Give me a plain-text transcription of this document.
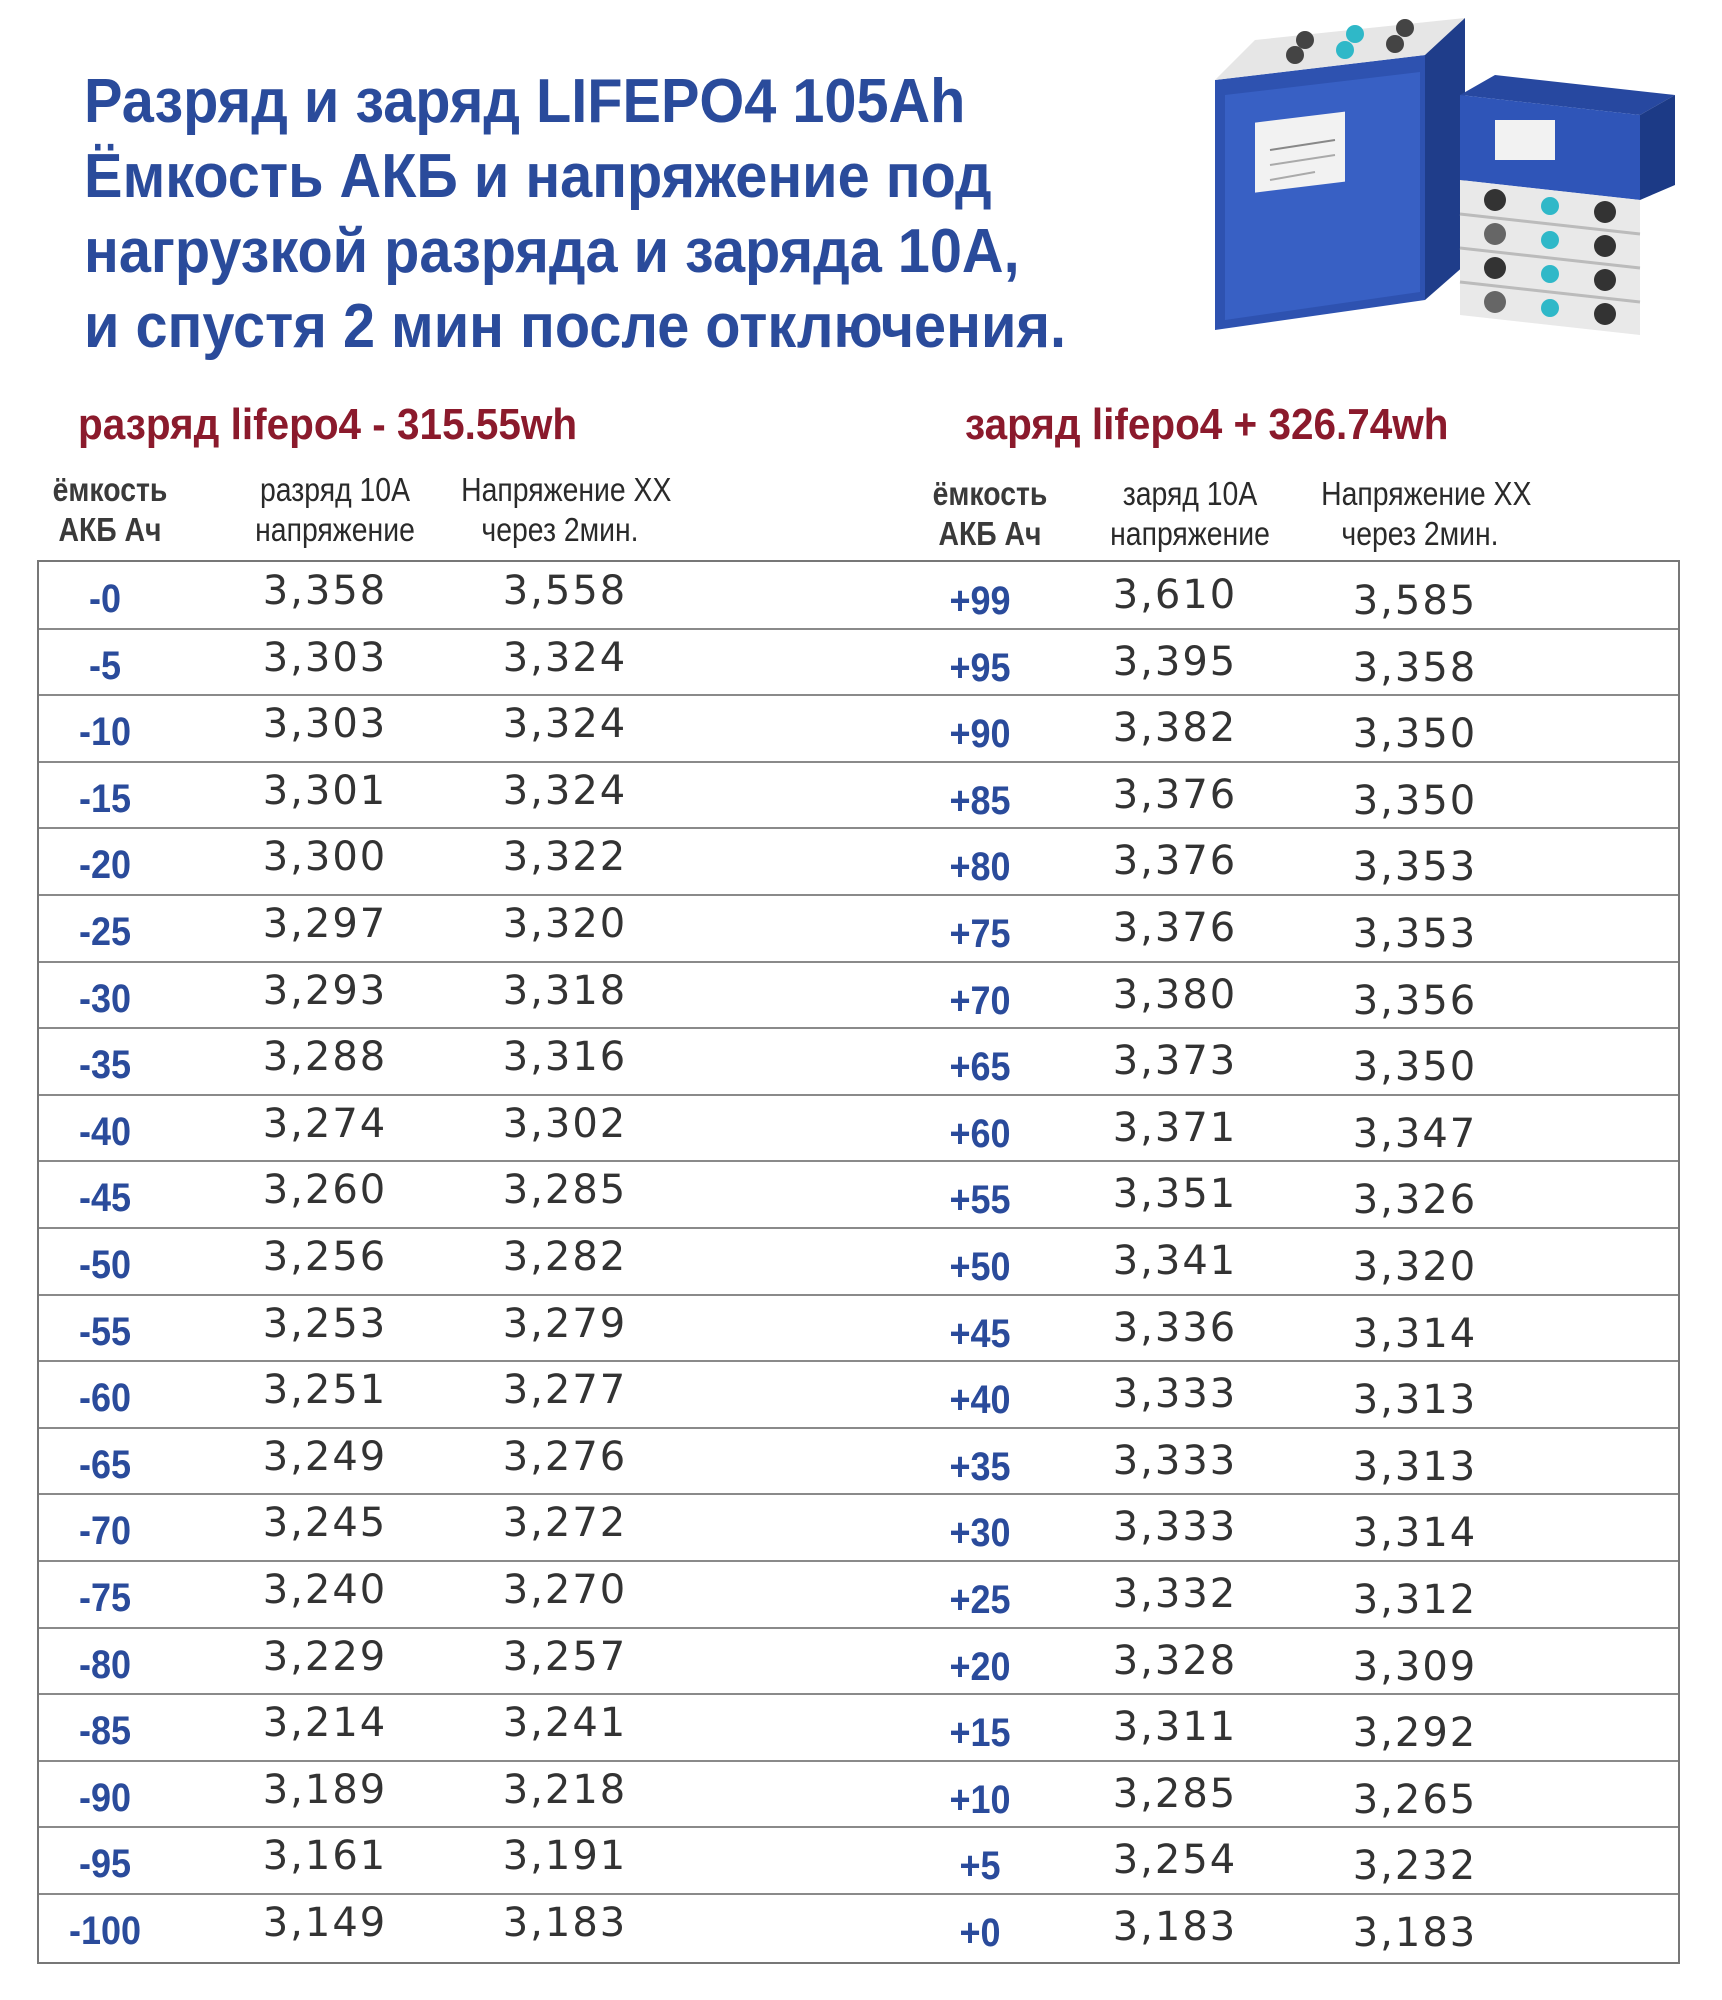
Разряд и заряд LIFEPO4 105Ah
Ёмкость АКБ и напряжение под
нагрузкой разряда и заряда 10А,
и спустя 2 мин после отключения.
разряд lifepo4 - 315.55wh	заряд lifepo4 + 326.74wh
ёмкость
АКБ Ач
разряд 10А
напряжение
Напряжение XX
через 2мин.
ёмкость
АКБ Ач
заряд 10А
напряжение
Напряжение XX
через 2мин.
-0	3,358	3,558	+99	3,610	3,585
-5	3,303	3,324	+95	3,395	3,358
-10	3,303	3,324	+90	3,382	3,350
-15	3,301	3,324	+85	3,376	3,350
-20	3,300	3,322	+80	3,376	3,353
-25	3,297	3,320	+75	3,376	3,353
-30	3,293	3,318	+70	3,380	3,356
-35	3,288	3,316	+65	3,373	3,350
-40	3,274	3,302	+60	3,371	3,347
-45	3,260	3,285	+55	3,351	3,326
-50	3,256	3,282	+50	3,341	3,320
-55	3,253	3,279	+45	3,336	3,314
-60	3,251	3,277	+40	3,333	3,313
-65	3,249	3,276	+35	3,333	3,313
-70	3,245	3,272	+30	3,333	3,314
-75	3,240	3,270	+25	3,332	3,312
-80	3,229	3,257	+20	3,328	3,309
-85	3,214	3,241	+15	3,311	3,292
-90	3,189	3,218	+10	3,285	3,265
-95	3,161	3,191	+5	3,254	3,232
-100	3,149	3,183	+0	3,183	3,183
